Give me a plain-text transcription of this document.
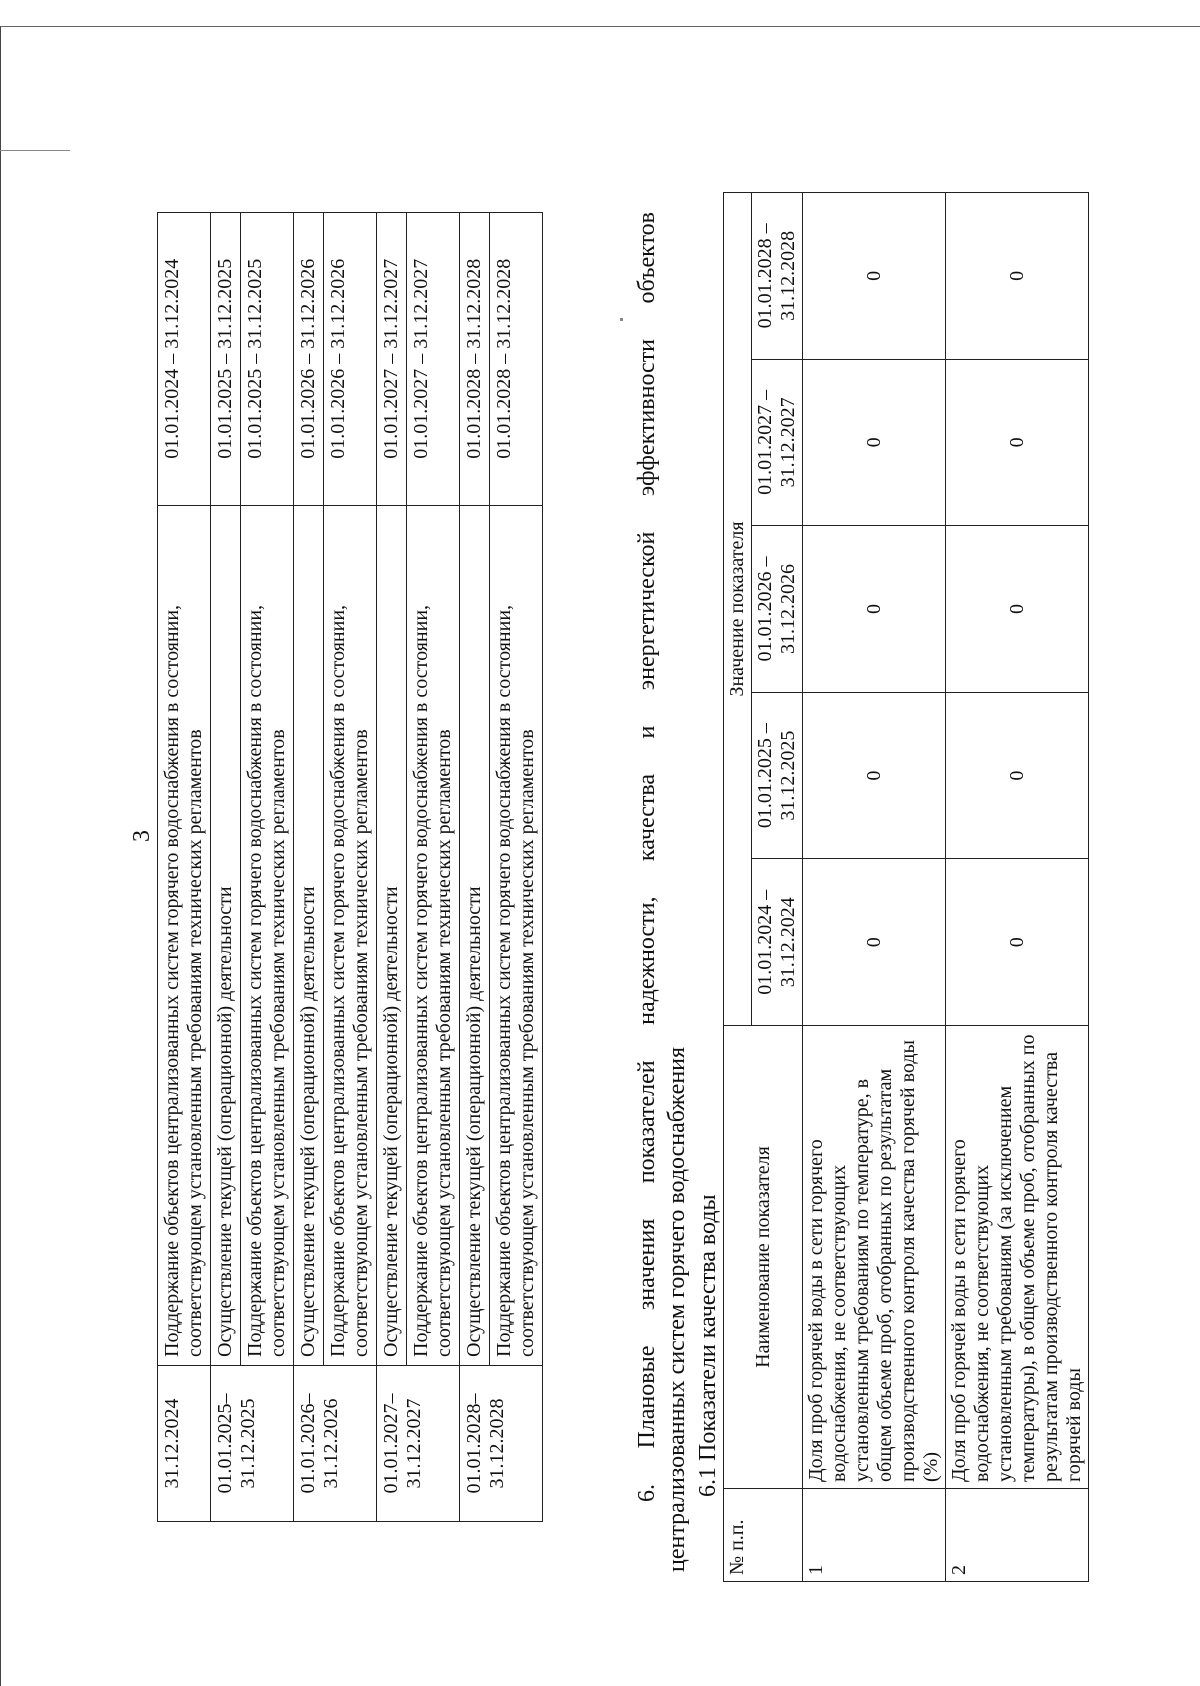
3
31.12.2024	Поддержание объектов централизованных систем горячего водоснабжения в состоянии, соответствующем установленным требованиям технических регламентов	01.01.2024 – 31.12.2024
01.01.2025–31.12.2025	Осуществление текущей (операционной) деятельности	01.01.2025 – 31.12.2025
	Поддержание объектов централизованных систем горячего водоснабжения в состоянии, соответствующем установленным требованиям технических регламентов	01.01.2025 – 31.12.2025
01.01.2026–31.12.2026	Осуществление текущей (операционной) деятельности	01.01.2026 – 31.12.2026
	Поддержание объектов централизованных систем горячего водоснабжения в состоянии, соответствующем установленным требованиям технических регламентов	01.01.2026 – 31.12.2026
01.01.2027–31.12.2027	Осуществление текущей (операционной) деятельности	01.01.2027 – 31.12.2027
	Поддержание объектов централизованных систем горячего водоснабжения в состоянии, соответствующем установленным требованиям технических регламентов	01.01.2027 – 31.12.2027
01.01.2028–31.12.2028	Осуществление текущей (операционной) деятельности	01.01.2028 – 31.12.2028
	Поддержание объектов централизованных систем горячего водоснабжения в состоянии, соответствующем установленным требованиям технических регламентов	01.01.2028 – 31.12.2028	6. Плановые значения показателей надежности, качества и энергетической эффективности объектов централизованных систем горячего водоснабжения 6.1 Показатели качества воды
№ п.п.	Наименование показателя	Значение показателя				
		01.01.2024 – 31.12.2024	01.01.2025 – 31.12.2025	01.01.2026 – 31.12.2026	01.01.2027 – 31.12.2027	01.01.2028 – 31.12.2028
1	Доля проб горячей воды в сети горячего водоснабжения, не соответствующих установленным требованиям по температуре, в общем объеме проб, отобранных по результатам производственного контроля качества горячей воды (%)	0	0	0	0	0
2	Доля проб горячей воды в сети горячего водоснабжения, не соответствующих установленным требованиям (за исключением температуры), в общем объеме проб, отобранных по результатам производственного контроля качества горячей воды	0	0	0	0	0
